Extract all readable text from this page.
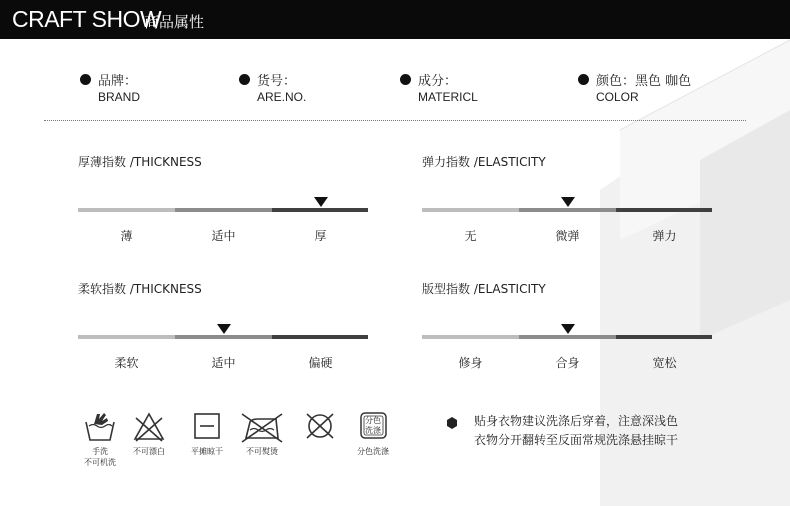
CRAFT SHOW
商品属性
品牌：
BRAND
货号：
ARE.NO.
成分：
MATERICL
颜色：黑色 咖色
COLOR
厚薄指数 /THICKNESS
薄	适中	厚
弹力指数 /ELASTICITY
无	微弹	弹力
柔软指数 /THICKNESS
柔软	适中	偏硬
版型指数 /ELASTICITY
修身	合身	宽松
手洗
不可机洗
不可漂白	平摊晾干	不可熨烫
分色
洗涤
分色洗涤
贴身衣物建议洗涤后穿着，注意深浅色
衣物分开翻转至反面常规洗涤悬挂晾干
